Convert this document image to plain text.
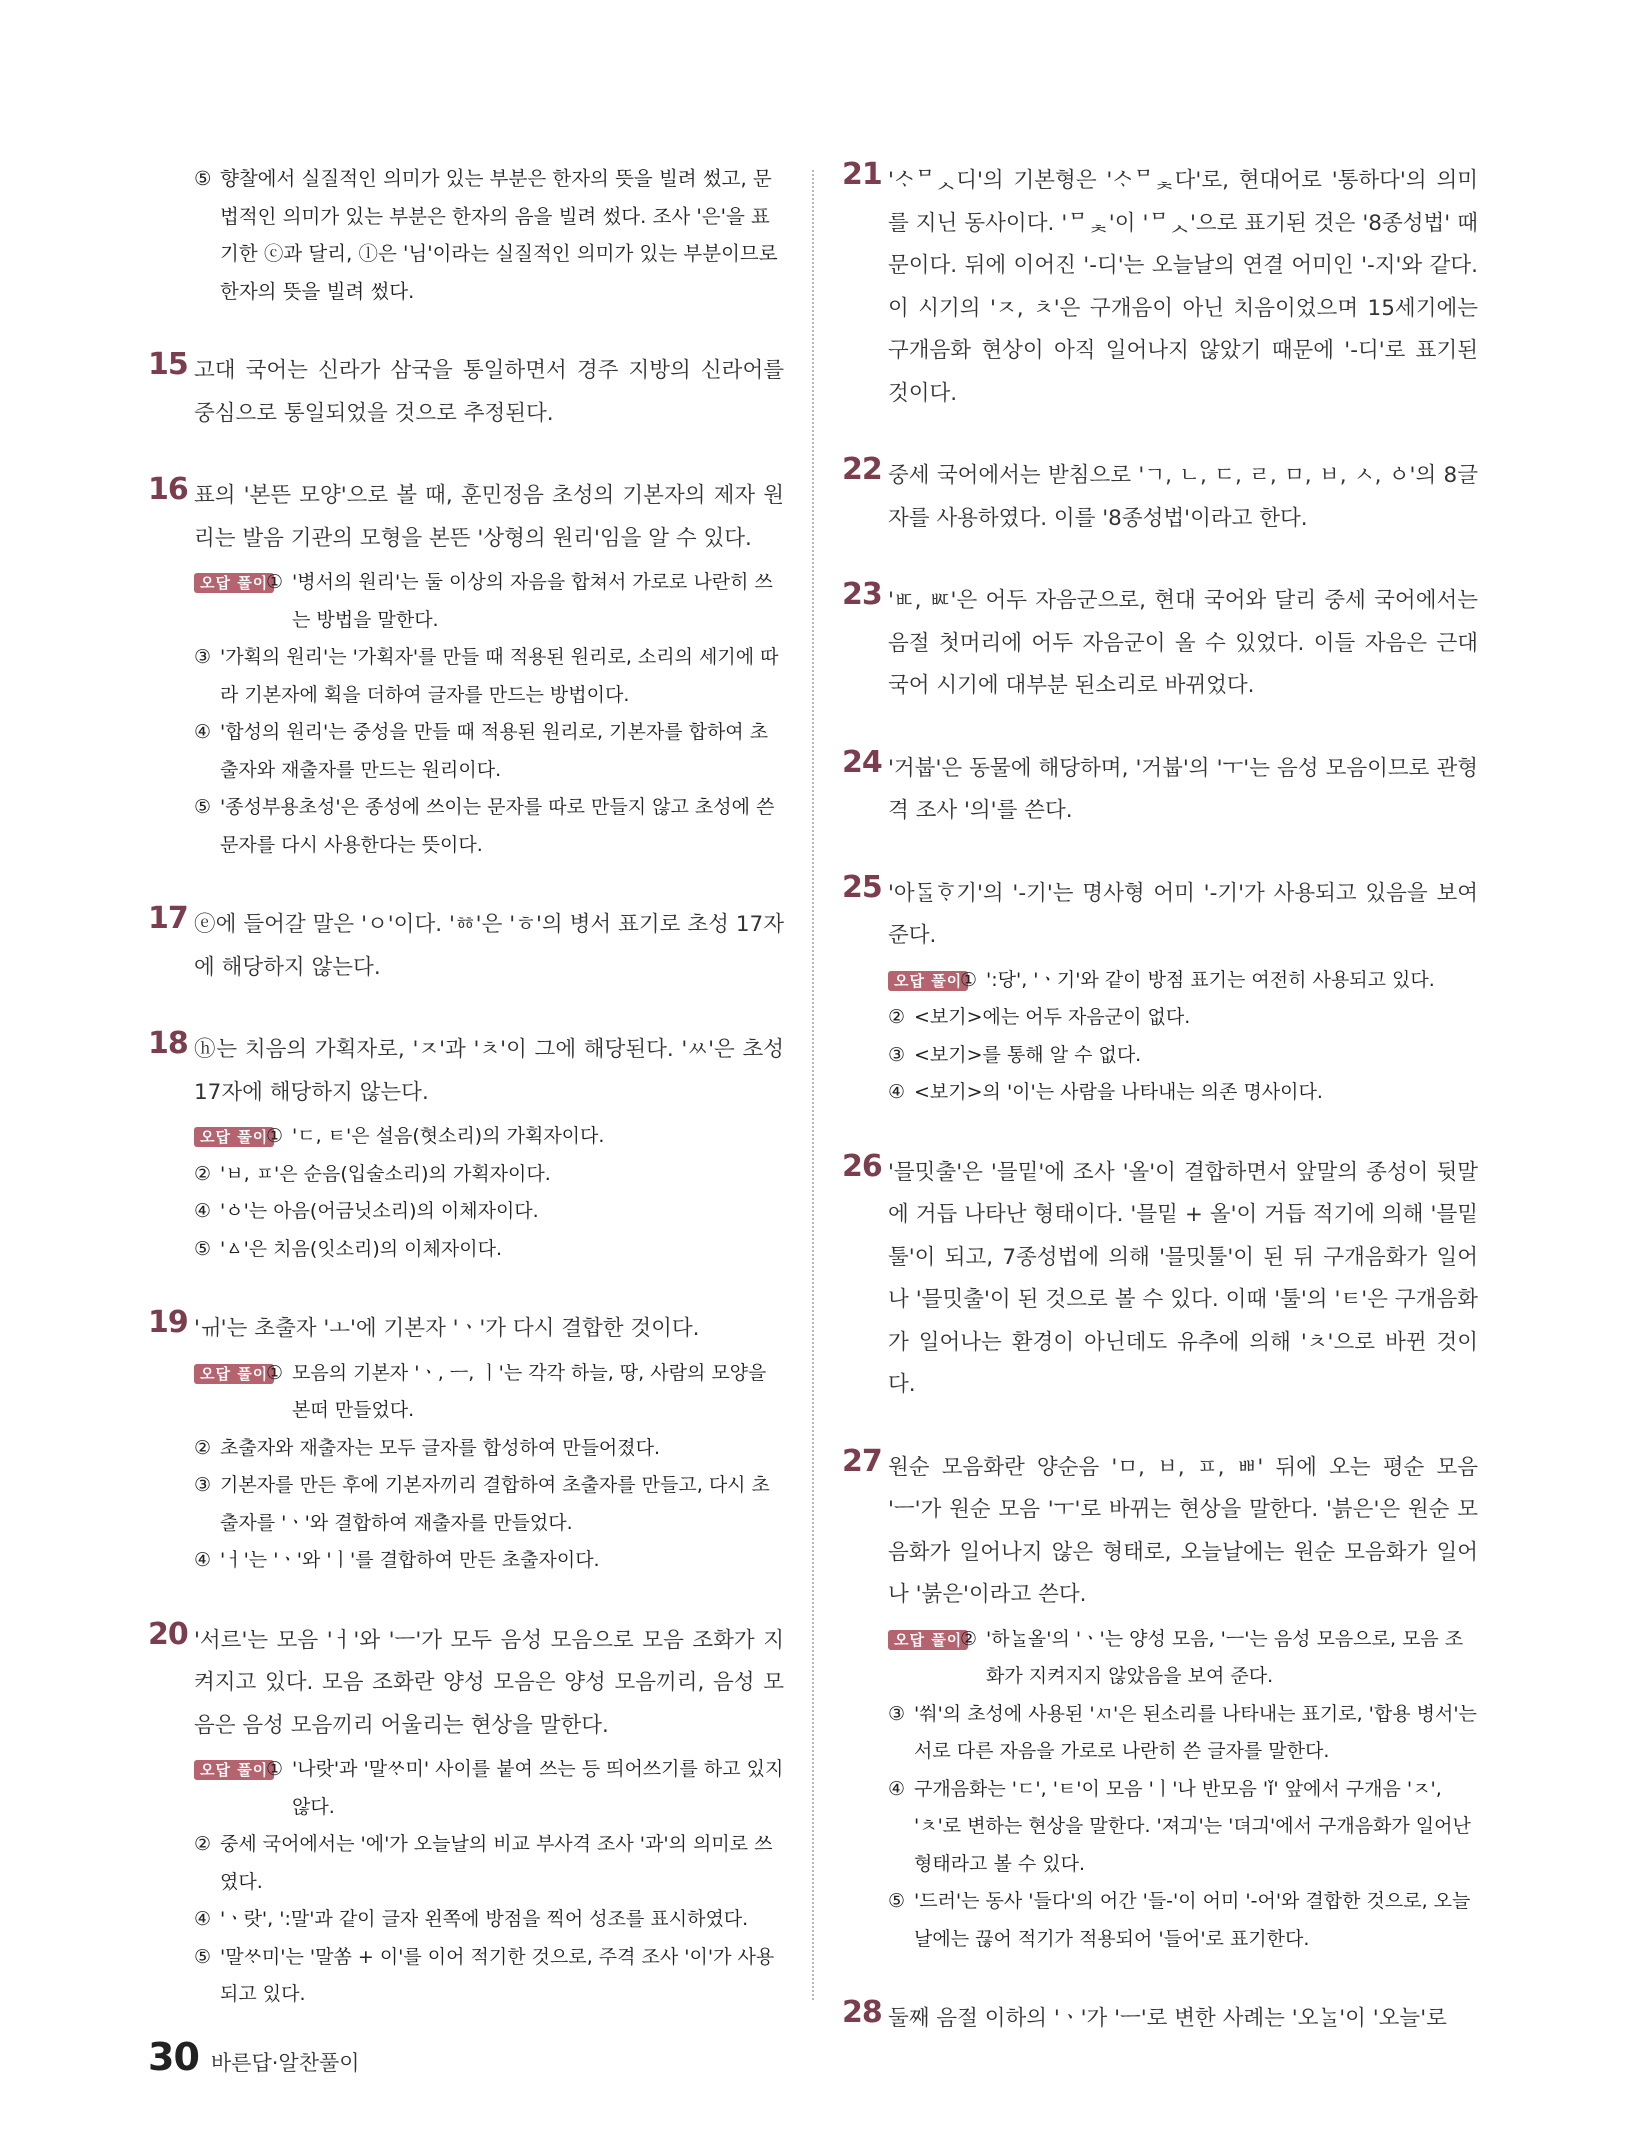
⑤ 향찰에서 실질적인 의미가 있는 부분은 한자의 뜻을 빌려 썼고, 문법적인 의미가 있는 부분은 한자의 음을 빌려 썼다. 조사 '은'을 표기한 ⓒ과 달리, ⓛ은 '님'이라는 실질적인 의미가 있는 부분이므로 한자의 뜻을 빌려 썼다.
15 고대 국어는 신라가 삼국을 통일하면서 경주 지방의 신라어를 중심으로 통일되었을 것으로 추정된다.
16 표의 '본뜬 모양'으로 볼 때, 훈민정음 초성의 기본자의 제자 원리는 발음 기관의 모형을 본뜬 '상형의 원리'임을 알 수 있다.
오답 풀이
① '병서의 원리'는 둘 이상의 자음을 합쳐서 가로로 나란히 쓰는 방법을 말한다.
③ '가획의 원리'는 '가획자'를 만들 때 적용된 원리로, 소리의 세기에 따라 기본자에 획을 더하여 글자를 만드는 방법이다.
④ '합성의 원리'는 중성을 만들 때 적용된 원리로, 기본자를 합하여 초출자와 재출자를 만드는 원리이다.
⑤ '종성부용초성'은 종성에 쓰이는 문자를 따로 만들지 않고 초성에 쓴 문자를 다시 사용한다는 뜻이다.
17 ⓔ에 들어갈 말은 'ㅇ'이다. 'ㆅ'은 'ㅎ'의 병서 표기로 초성 17자에 해당하지 않는다.
18 ⓗ는 치음의 가획자로, 'ㅈ'과 'ㅊ'이 그에 해당된다. 'ㅆ'은 초성 17자에 해당하지 않는다.
오답 풀이
① 'ㄷ, ㅌ'은 설음(혓소리)의 가획자이다.
② 'ㅂ, ㅍ'은 순음(입술소리)의 가획자이다.
④ 'ㆁ'는 아음(어금닛소리)의 이체자이다.
⑤ 'ㅿ'은 치음(잇소리)의 이체자이다.
19 'ㆌ'는 초출자 'ㅗ'에 기본자 'ㆍ'가 다시 결합한 것이다.
오답 풀이
① 모음의 기본자 'ㆍ, ㅡ, ㅣ'는 각각 하늘, 땅, 사람의 모양을 본떠 만들었다.
② 초출자와 재출자는 모두 글자를 합성하여 만들어졌다.
③ 기본자를 만든 후에 기본자끼리 결합하여 초출자를 만들고, 다시 초출자를 'ㆍ'와 결합하여 재출자를 만들었다.
④ 'ㅓ'는 'ㆍ'와 'ㅣ'를 결합하여 만든 초출자이다.
20 '서르'는 모음 'ㅓ'와 'ㅡ'가 모두 음성 모음으로 모음 조화가 지켜지고 있다. 모음 조화란 양성 모음은 양성 모음끼리, 음성 모음은 음성 모음끼리 어울리는 현상을 말한다.
오답 풀이
① '나랏'과 '말ᄊᆞ미' 사이를 붙여 쓰는 등 띄어쓰기를 하고 있지 않다.
② 중세 국어에서는 '에'가 오늘날의 비교 부사격 조사 '과'의 의미로 쓰였다.
④ 'ㆍ랏', ':말'과 같이 글자 왼쪽에 방점을 찍어 성조를 표시하였다.
⑤ '말ᄊᆞ미'는 '말쏨 + 이'를 이어 적기한 것으로, 주격 조사 '이'가 사용되고 있다.
21 'ᄉᆞᄆᆺ디'의 기본형은 'ᄉᆞᄆᆾ다'로, 현대어로 '통하다'의 의미를 지닌 동사이다. 'ᄆᆾ'이 'ᄆᆺ'으로 표기된 것은 '8종성법' 때문이다. 뒤에 이어진 '-디'는 오늘날의 연결 어미인 '-지'와 같다. 이 시기의 'ㅈ, ㅊ'은 구개음이 아닌 치음이었으며 15세기에는 구개음화 현상이 아직 일어나지 않았기 때문에 '-디'로 표기된 것이다.
22 중세 국어에서는 받침으로 'ㄱ, ㄴ, ㄷ, ㄹ, ㅁ, ㅂ, ㅅ, ㆁ'의 8글자를 사용하였다. 이를 '8종성법'이라고 한다.
23 'ㅳ, ㅵ'은 어두 자음군으로, 현대 국어와 달리 중세 국어에서는 음절 첫머리에 어두 자음군이 올 수 있었다. 이들 자음은 근대 국어 시기에 대부분 된소리로 바뀌었다.
24 '거붑'은 동물에 해당하며, '거붑'의 'ㅜ'는 음성 모음이므로 관형격 조사 '의'를 쓴다.
25 '아ᄃᆞᆯᄒᆞ기'의 '-기'는 명사형 어미 '-기'가 사용되고 있음을 보여 준다.
오답 풀이
① ':당', 'ㆍ기'와 같이 방점 표기는 여전히 사용되고 있다.
② <보기>에는 어두 자음군이 없다.
③ <보기>를 통해 알 수 없다.
④ <보기>의 '이'는 사람을 나타내는 의존 명사이다.
26 '믈밋출'은 '믈밑'에 조사 '올'이 결합하면서 앞말의 종성이 뒷말에 거듭 나타난 형태이다. '믈밑 + 올'이 거듭 적기에 의해 '믈밑툴'이 되고, 7종성법에 의해 '믈밋툴'이 된 뒤 구개음화가 일어나 '믈밋출'이 된 것으로 볼 수 있다. 이때 '툴'의 'ㅌ'은 구개음화가 일어나는 환경이 아닌데도 유추에 의해 'ㅊ'으로 바뀐 것이다.
27 원순 모음화란 양순음 'ㅁ, ㅂ, ㅍ, ㅃ' 뒤에 오는 평순 모음 'ㅡ'가 원순 모음 'ㅜ'로 바뀌는 현상을 말한다. '븕은'은 원순 모음화가 일어나지 않은 형태로, 오늘날에는 원순 모음화가 일어나 '붉은'이라고 쓴다.
오답 풀이
② '하ᄂᆞᆯ올'의 'ㆍ'는 양성 모음, 'ㅡ'는 음성 모음으로, 모음 조화가 지켜지지 않았음을 보여 준다.
③ '쒀'의 초성에 사용된 'ㅺ'은 된소리를 나타내는 표기로, '합용 병서'는 서로 다른 자음을 가로로 나란히 쓴 글자를 말한다.
④ 구개음화는 'ㄷ', 'ㅌ'이 모음 'ㅣ'나 반모음 'ǐ' 앞에서 구개음 'ㅈ', 'ㅊ'로 변하는 현상을 말한다. '져긔'는 '뎌긔'에서 구개음화가 일어난 형태라고 볼 수 있다.
⑤ '드러'는 동사 '들다'의 어간 '들-'이 어미 '-어'와 결합한 것으로, 오늘날에는 끊어 적기가 적용되어 '들어'로 표기한다.
28 둘째 음절 이하의 'ㆍ'가 'ㅡ'로 변한 사례는 '오ᄂᆞᆯ'이 '오늘'로
30 바른답·알찬풀이
